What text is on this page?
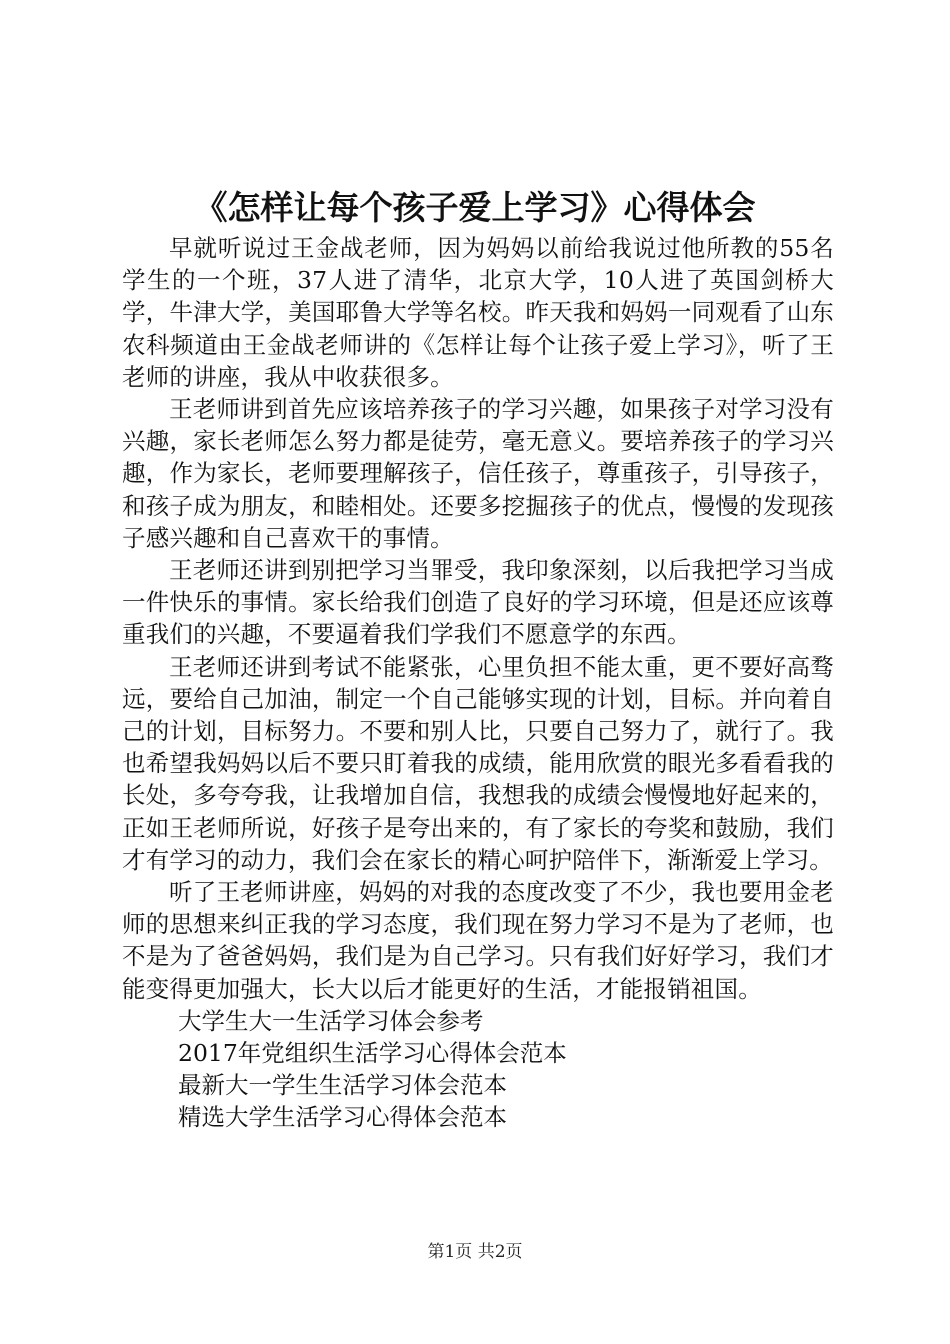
《怎样让每个孩子爱上学习》心得体会

早就听说过王金战老师，因为妈妈以前给我说过他所教的55名学生的一个班，37人进了清华，北京大学，10人进了英国剑桥大学，牛津大学，美国耶鲁大学等名校。昨天我和妈妈一同观看了山东农科频道由王金战老师讲的《怎样让每个让孩子爱上学习》，听了王老师的讲座，我从中收获很多。

王老师讲到首先应该培养孩子的学习兴趣，如果孩子对学习没有兴趣，家长老师怎么努力都是徒劳，毫无意义。要培养孩子的学习兴趣，作为家长，老师要理解孩子，信任孩子，尊重孩子，引导孩子，和孩子成为朋友，和睦相处。还要多挖掘孩子的优点，慢慢的发现孩子感兴趣和自己喜欢干的事情。

王老师还讲到别把学习当罪受，我印象深刻，以后我把学习当成一件快乐的事情。家长给我们创造了良好的学习环境，但是还应该尊重我们的兴趣，不要逼着我们学我们不愿意学的东西。

王老师还讲到考试不能紧张，心里负担不能太重，更不要好高骛远，要给自己加油，制定一个自己能够实现的计划，目标。并向着自己的计划，目标努力。不要和别人比，只要自己努力了，就行了。我也希望我妈妈以后不要只盯着我的成绩，能用欣赏的眼光多看看我的长处，多夸夸我，让我增加自信，我想我的成绩会慢慢地好起来的，正如王老师所说，好孩子是夸出来的，有了家长的夸奖和鼓励，我们才有学习的动力，我们会在家长的精心呵护陪伴下，渐渐爱上学习。

听了王老师讲座，妈妈的对我的态度改变了不少，我也要用金老师的思想来纠正我的学习态度，我们现在努力学习不是为了老师，也不是为了爸爸妈妈，我们是为自己学习。只有我们好好学习，我们才能变得更加强大，长大以后才能更好的生活，才能报销祖国。

大学生大一生活学习体会参考
2017年党组织生活学习心得体会范本
最新大一学生生活学习体会范本
精选大学生活学习心得体会范本
第1页 共2页
